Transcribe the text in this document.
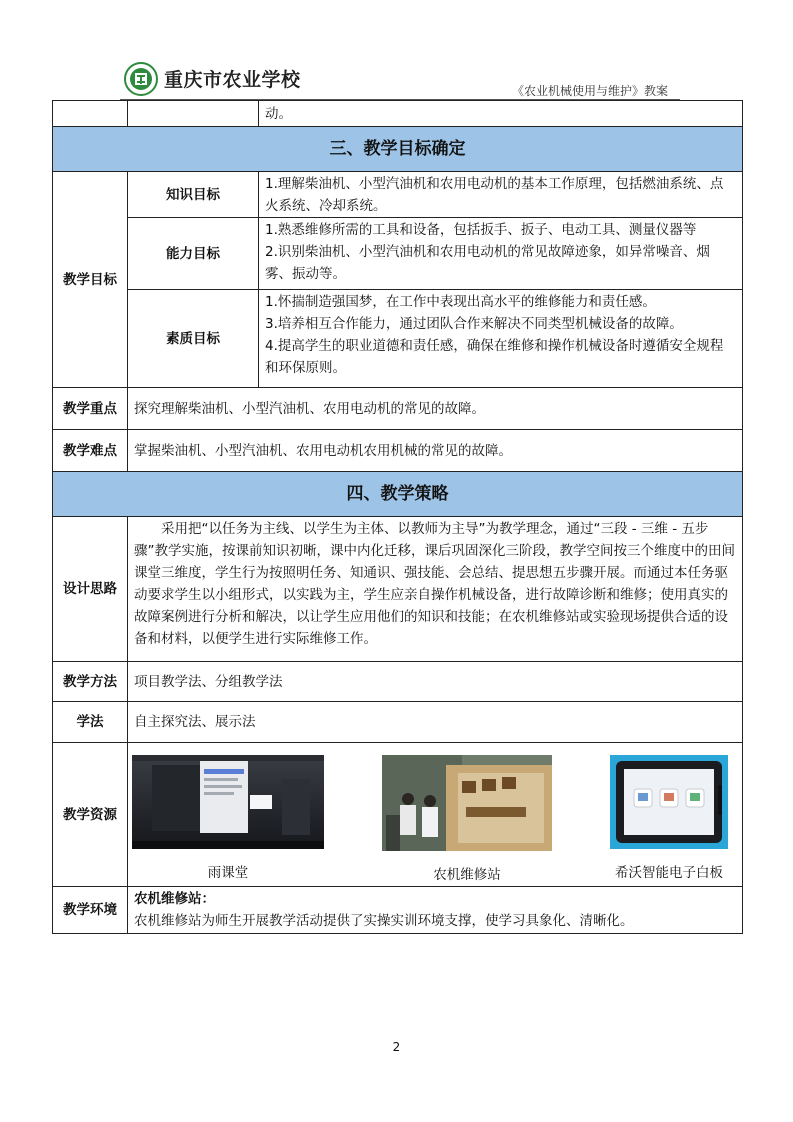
重庆市农业学校	《农业机械使用与维护》教案
		动。
三、教学目标确定		
教学目标	知识目标	1.理解柴油机、小型汽油机和农用电动机的基本工作原理，包括燃油系统、点火系统、冷却系统。

	能力目标	1.熟悉维修所需的工具和设备，包括扳手、扳子、电动工具、测量仪器等
2.识别柴油机、小型汽油机和农用电动机的常见故障迹象，如异常噪音、烟雾、振动等。

	素质目标	1.怀揣制造强国梦，在工作中表现出高水平的维修能力和责任感。
3.培养相互合作能力，通过团队合作来解决不同类型机械设备的故障。
4.提高学生的职业道德和责任感，确保在维修和操作机械设备时遵循安全规程和环保原则。

教学重点	探究理解柴油机、小型汽油机、农用电动机的常见的故障。	
教学难点	掌握柴油机、小型汽油机、农用电动机农用机械的常见的故障。	
四、教学策略		
设计思路	采用把“以任务为主线、以学生为主体、以教师为主导”为教学理念，通过“三段 - 三维 - 五步骤”教学实施，按课前知识初晰，课中内化迁移，课后巩固深化三阶段，教学空间按三个维度中的田间课堂三维度，学生行为按照明任务、知通识、强技能、会总结、提思想五步骤开展。而通过本任务驱动要求学生以小组形式，以实践为主，学生应亲自操作机械设备，进行故障诊断和维修；使用真实的故障案例进行分析和解决，以让学生应用他们的知识和技能；在农机维修站或实验现场提供合适的设备和材料，以便学生进行实际维修工作。	
教学方法	项目教学法、分组教学法	
学法	自主探究法、展示法	
教学资源	雨课堂 农机维修站 希沃智能电子白板	

教学环境	农机维修站：
农机维修站为师生开展教学活动提供了实操实训环境支撑，使学习具象化、清晰化。	
2
